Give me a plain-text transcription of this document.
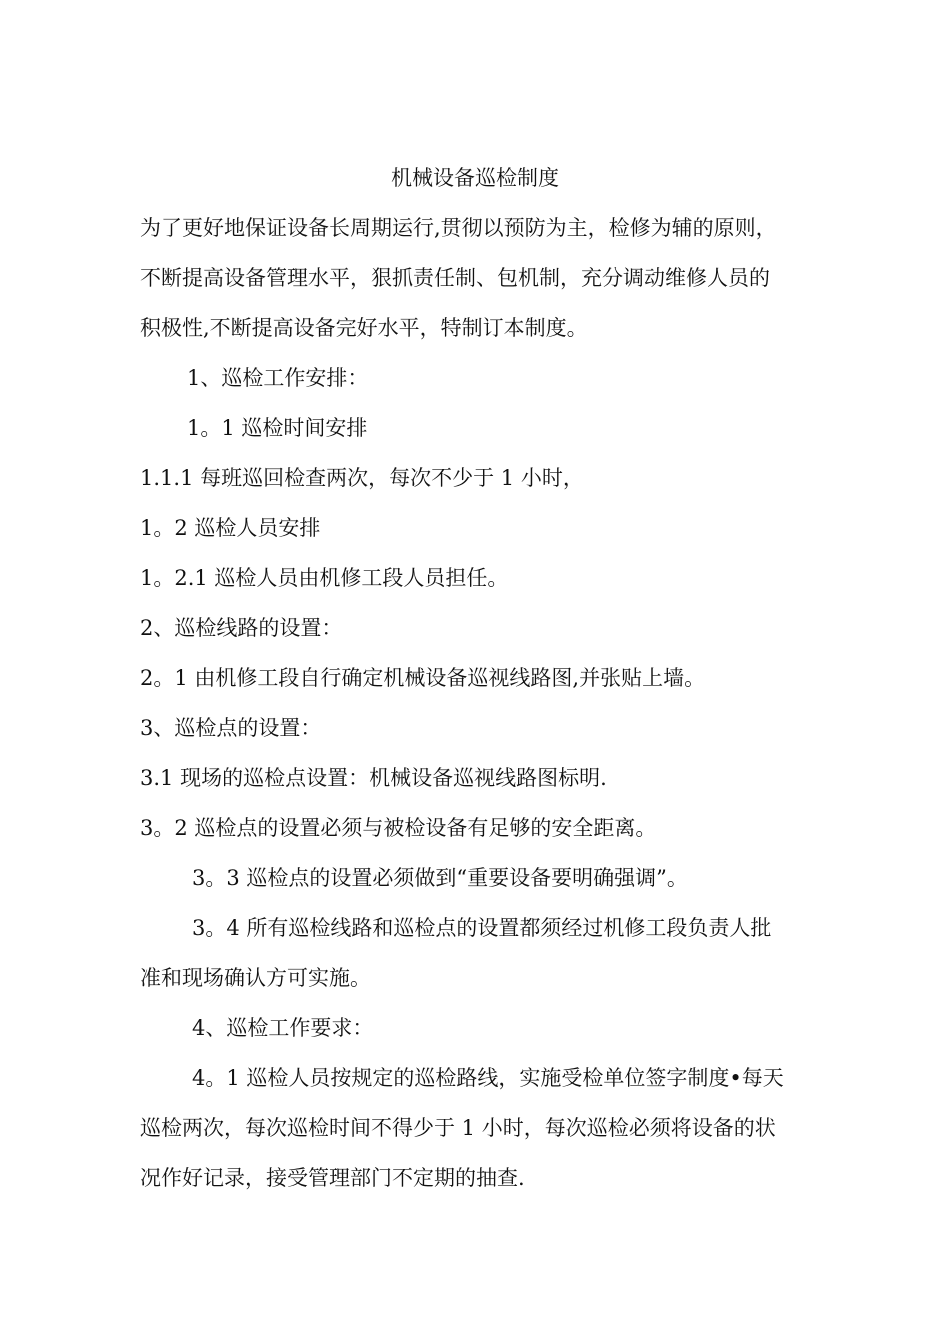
机械设备巡检制度
为了更好地保证设备长周期运行,贯彻以预防为主，检修为辅的原则，
不断提高设备管理水平，狠抓责任制、包机制，充分调动维修人员的
积极性,不断提高设备完好水平，特制订本制度。
1、巡检工作安排：
1。1 巡检时间安排
1.1.1 每班巡回检查两次，每次不少于 1 小时，
1。2 巡检人员安排
1。2.1 巡检人员由机修工段人员担任。
2、巡检线路的设置：
2。1 由机修工段自行确定机械设备巡视线路图,并张贴上墙。
3、巡检点的设置：
3.1 现场的巡检点设置：机械设备巡视线路图标明.
3。2 巡检点的设置必须与被检设备有足够的安全距离。
3。3 巡检点的设置必须做到“重要设备要明确强调”。
3。4 所有巡检线路和巡检点的设置都须经过机修工段负责人批
准和现场确认方可实施。
4、巡检工作要求：
4。1 巡检人员按规定的巡检路线，实施受检单位签字制度•每天
巡检两次，每次巡检时间不得少于 1 小时，每次巡检必须将设备的状
况作好记录，接受管理部门不定期的抽查.
